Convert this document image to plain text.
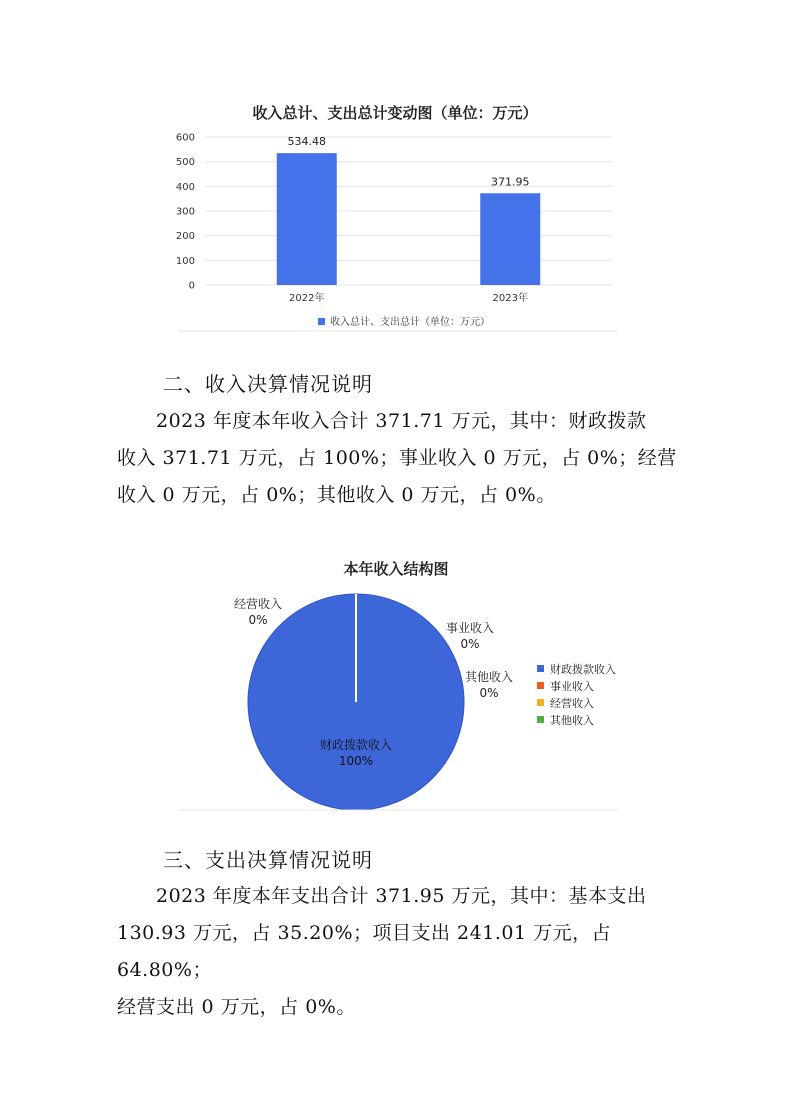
收入总计、支出总计变动图（单位：万元）
0
100
200
300
400
500
600	534.48
371.95
2022年	2023年
收入总计、支出总计（单位：万元）
二、收入决算情况说明

2023 年度本年收入合计 371.71 万元，其中：财政拨款

收入 371.71 万元，占 100%；事业收入 0 万元，占 0%；经营

收入 0 万元，占 0%；其他收入 0 万元，占 0%。

本年收入结构图
经营收入
0%
事业收入
0%
其他收入
0%
财政拨款收入
100%
财政拨款收入
事业收入
经营收入
其他收入
三、支出决算情况说明

2023 年度本年支出合计 371.95 万元，其中：基本支出

130.93 万元，占 35.20%；项目支出 241.01 万元，占 64.80%；

经营支出 0 万元，占 0%。
